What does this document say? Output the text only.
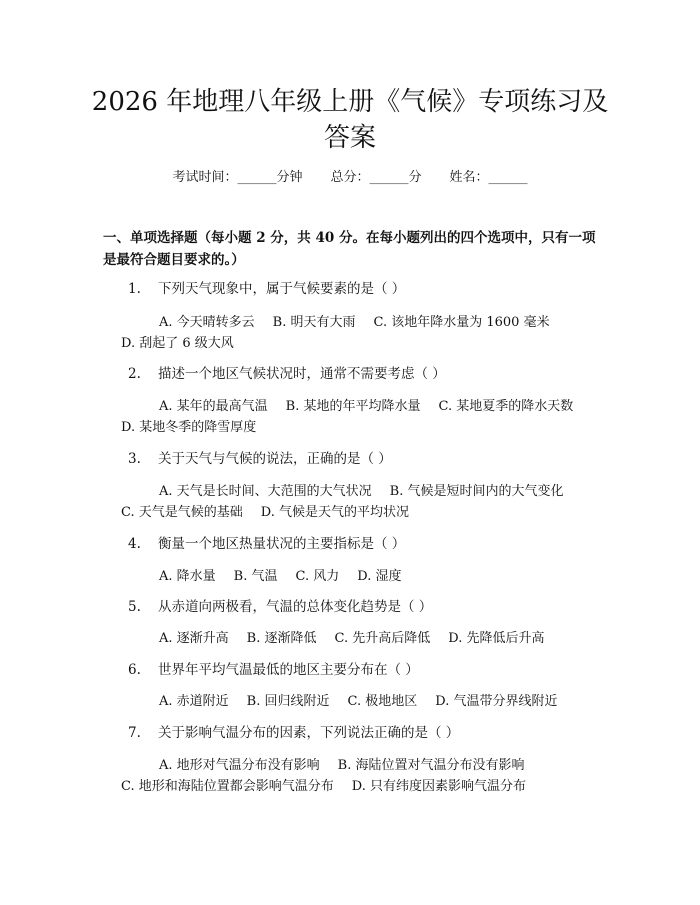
2026 年地理八年级上册《气候》专项练习及
答案
考试时间：______分钟 总分：______分 姓名：______
一、单项选择题（每小题 2 分，共 40 分。在每小题列出的四个选项中，只有一项是最符合题目要求的。）
1. 下列天气现象中，属于气候要素的是（ ）
A. 今天晴转多云 B. 明天有大雨 C. 该地年降水量为 1600 毫米 D. 刮起了 6 级大风
2. 描述一个地区气候状况时，通常不需要考虑（ ）
A. 某年的最高气温 B. 某地的年平均降水量 C. 某地夏季的降水天数 D. 某地冬季的降雪厚度
3. 关于天气与气候的说法，正确的是（ ）
A. 天气是长时间、大范围的大气状况 B. 气候是短时间内的大气变化 C. 天气是气候的基础 D. 气候是天气的平均状况
4. 衡量一个地区热量状况的主要指标是（ ）
A. 降水量 B. 气温 C. 风力 D. 湿度
5. 从赤道向两极看，气温的总体变化趋势是（ ）
A. 逐渐升高 B. 逐渐降低 C. 先升高后降低 D. 先降低后升高
6. 世界年平均气温最低的地区主要分布在（ ）
A. 赤道附近 B. 回归线附近 C. 极地地区 D. 气温带分界线附近
7. 关于影响气温分布的因素，下列说法正确的是（ ）
A. 地形对气温分布没有影响 B. 海陆位置对气温分布没有影响 C. 地形和海陆位置都会影响气温分布 D. 只有纬度因素影响气温分布
